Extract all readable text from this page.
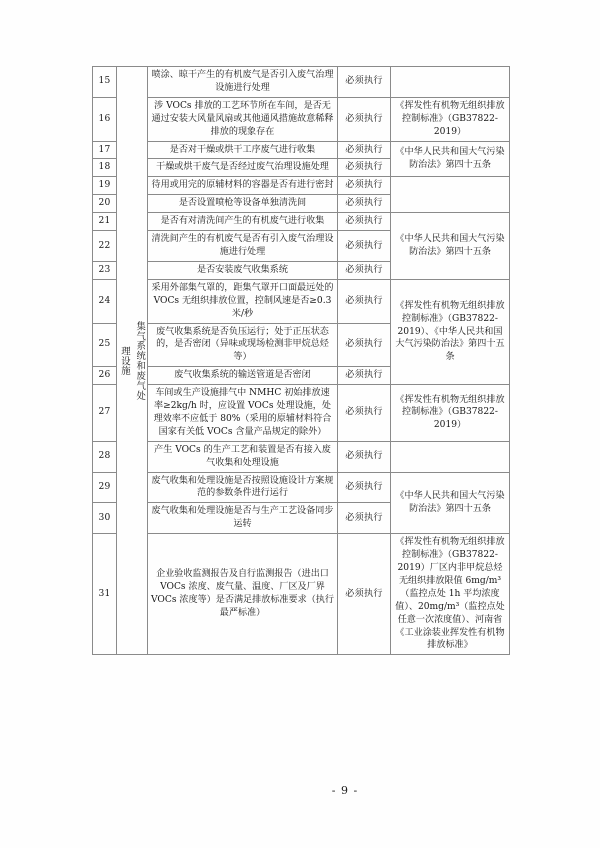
15	集气系统和废气处理设施	喷涂、晾干产生的有机废气是否引入废气治理设施进行处理	必须执行	
16		涉 VOCs 排放的工艺环节所在车间，是否无通过安装大风量风扇或其他通风措施故意稀释排放的现象存在	必须执行	《挥发性有机物无组织排放控制标准》（GB37822-2019）
17		是否对干燥或烘干工序废气进行收集	必须执行	《中华人民共和国大气污染防治法》第四十五条
18		干燥或烘干废气是否经过废气治理设施处理	必须执行	
19		待用或用完的原辅材料的容器是否有进行密封	必须执行	
20		是否设置喷枪等设备单独清洗间	必须执行	
21		是否有对清洗间产生的有机废气进行收集	必须执行	《中华人民共和国大气污染防治法》第四十五条
22		清洗间产生的有机废气是否有引入废气治理设施进行处理	必须执行	
23		是否安装废气收集系统	必须执行	
24		采用外部集气罩的，距集气罩开口面最远处的 VOCs 无组织排放位置，控制风速是否≥0.3 米/秒	必须执行	《挥发性有机物无组织排放控制标准》（GB37822-2019）、《中华人民共和国大气污染防治法》第四十五条
25		废气收集系统是否负压运行；处于正压状态的，是否密闭（异味或现场检测非甲烷总烃等）	必须执行	
26		废气收集系统的输送管道是否密闭	必须执行	
27		车间或生产设施排气中 NMHC 初始排放速率≥2kg/h 时，应设置 VOCs 处理设施，处理效率不应低于 80%（采用的原辅材料符合国家有关低 VOCs 含量产品规定的除外）	必须执行	《挥发性有机物无组织排放控制标准》（GB37822-2019）
28		产生 VOCs 的生产工艺和装置是否有接入废气收集和处理设施	必须执行	
29		废气收集和处理设施是否按照设施设计方案规范的参数条件进行运行	必须执行	《中华人民共和国大气污染防治法》第四十五条
30		废气收集和处理设施是否与生产工艺设备同步运转	必须执行	
31		企业验收监测报告及自行监测报告（进出口 VOCs 浓度、废气量、温度、厂区及厂界 VOCs 浓度等）是否满足排放标准要求（执行最严标准）	必须执行	《挥发性有机物无组织排放控制标准》（GB37822-2019）厂区内非甲烷总烃无组织排放限值 6mg/m³（监控点处 1h 平均浓度值）、20mg/m³（监控点处任意一次浓度值）、河南省《工业涂装业挥发性有机物排放标准》
- 9 -
